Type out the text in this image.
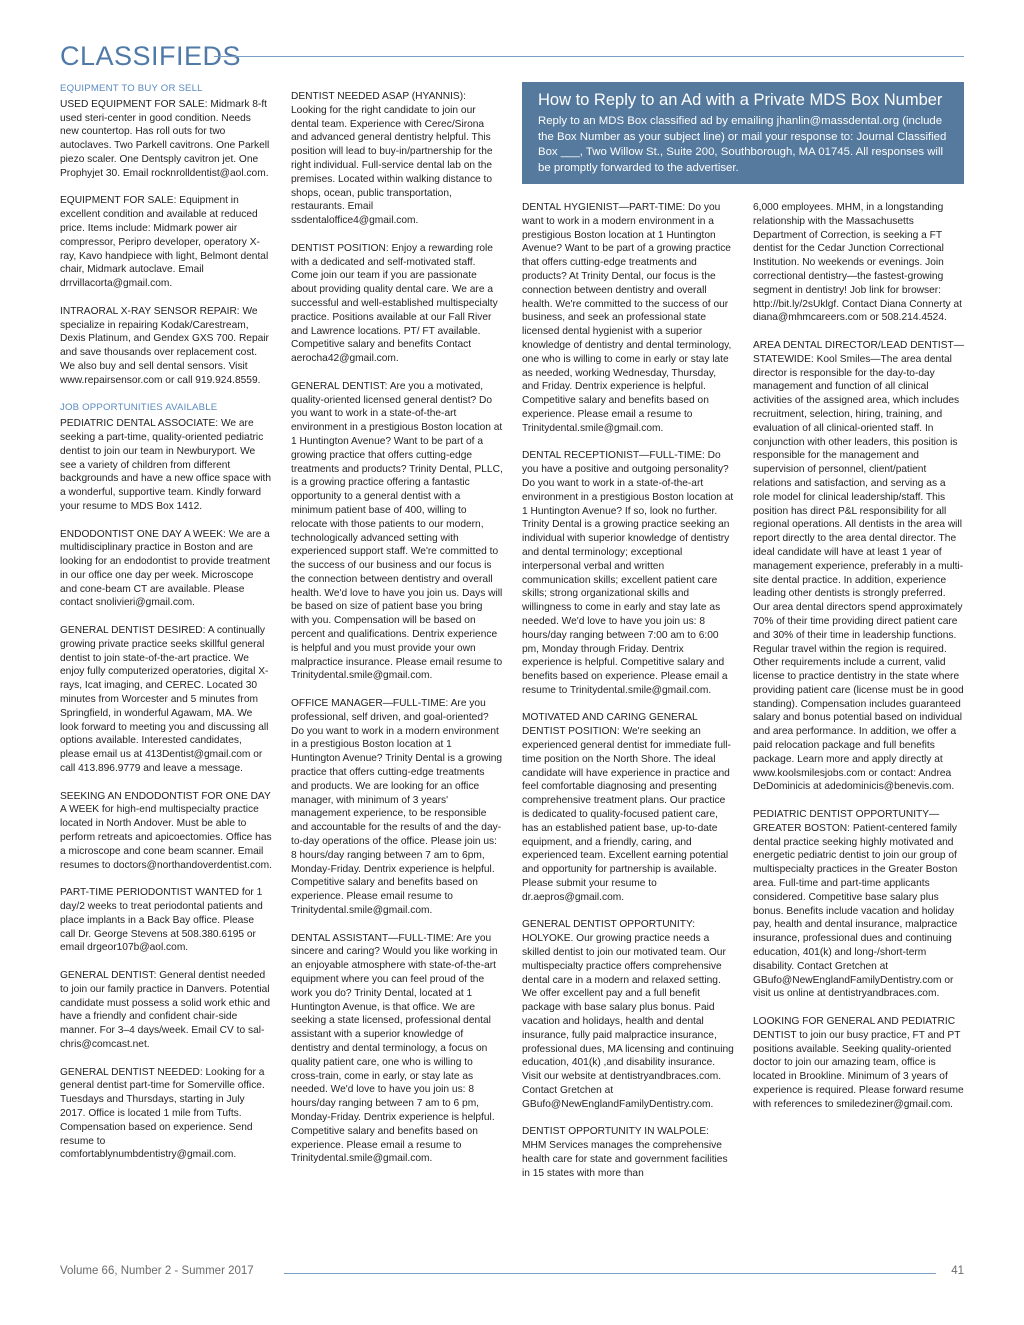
CLASSIFIEDS
EQUIPMENT TO BUY OR SELL

USED EQUIPMENT FOR SALE: Midmark 8-ft used steri-center in good condition. Needs new countertop. Has roll outs for two autoclaves. Two Parkell cavitrons. One Parkell piezo scaler. One Dentsply cavitron jet. One Prophyjet 30. Email rocknrolldentist@aol.com.

EQUIPMENT FOR SALE: Equipment in excellent condition and available at reduced price. Items include: Midmark power air compressor, Peripro developer, operatory X-ray, Kavo handpiece with light, Belmont dental chair, Midmark autoclave. Email drrvillacorta@gmail.com.

INTRAORAL X-RAY SENSOR REPAIR: We specialize in repairing Kodak/Carestream, Dexis Platinum, and Gendex GXS 700. Repair and save thousands over replacement cost. We also buy and sell dental sensors. Visit www.repairsensor.com or call 919.924.8559.

JOB OPPORTUNITIES AVAILABLE

PEDIATRIC DENTAL ASSOCIATE: We are seeking a part-time, quality-oriented pediatric dentist to join our team in Newburyport. We see a variety of children from different backgrounds and have a new office space with a wonderful, supportive team. Kindly forward your resume to MDS Box 1412.

ENDODONTIST ONE DAY A WEEK: We are a multidisciplinary practice in Boston and are looking for an endodontist to provide treatment in our office one day per week. Microscope and cone-beam CT are available. Please contact snolivieri@gmail.com.

GENERAL DENTIST DESIRED: A continually growing private practice seeks skillful general dentist to join state-of-the-art practice. We enjoy fully computerized operatories, digital X-rays, Icat imaging, and CEREC. Located 30 minutes from Worcester and 5 minutes from Springfield, in wonderful Agawam, MA. We look forward to meeting you and discussing all options available. Interested candidates, please email us at 413Dentist@gmail.com or call 413.896.9779 and leave a message.

SEEKING AN ENDODONTIST FOR ONE DAY A WEEK for high-end multispecialty practice located in North Andover. Must be able to perform retreats and apicoectomies. Office has a microscope and cone beam scanner. Email resumes to doctors@northandoverdentist.com.

PART-TIME PERIODONTIST WANTED for 1 day/2 weeks to treat periodontal patients and place implants in a Back Bay office. Please call Dr. George Stevens at 508.380.6195 or email drgeor107b@aol.com.

GENERAL DENTIST: General dentist needed to join our family practice in Danvers. Potential candidate must possess a solid work ethic and have a friendly and confident chair-side manner. For 3–4 days/week. Email CV to sal-chris@comcast.net.

GENERAL DENTIST NEEDED: Looking for a general dentist part-time for Somerville office. Tuesdays and Thursdays, starting in July 2017. Office is located 1 mile from Tufts. Compensation based on experience. Send resume to comfortablynumbdentistry@gmail.com.

DENTIST NEEDED ASAP (HYANNIS): Looking for the right candidate to join our dental team. Experience with Cerec/Sirona and advanced general dentistry helpful. This position will lead to buy-in/partnership for the right individual. Full-service dental lab on the premises. Located within walking distance to shops, ocean, public transportation, restaurants. Email ssdentaloffice4@gmail.com.

DENTIST POSITION: Enjoy a rewarding role with a dedicated and self-motivated staff. Come join our team if you are passionate about providing quality dental care. We are a successful and well-established multispecialty practice. Positions available at our Fall River and Lawrence locations. PT/ FT available. Competitive salary and benefits Contact aerocha42@gmail.com.

GENERAL DENTIST: Are you a motivated, quality-oriented licensed general dentist? Do you want to work in a state-of-the-art environment in a prestigious Boston location at 1 Huntington Avenue? Want to be part of a growing practice that offers cutting-edge treatments and products? Trinity Dental, PLLC, is a growing practice offering a fantastic opportunity to a general dentist with a minimum patient base of 400, willing to relocate with those patients to our modern, technologically advanced setting with experienced support staff. We're committed to the success of our business and our focus is the connection between dentistry and overall health. We'd love to have you join us. Days will be based on size of patient base you bring with you. Compensation will be based on percent and qualifications. Dentrix experience is helpful and you must provide your own malpractice insurance. Please email resume to Trinitydental.smile@gmail.com.

OFFICE MANAGER—FULL-TIME: Are you professional, self driven, and goal-oriented? Do you want to work in a modern environment in a prestigious Boston location at 1 Huntington Avenue? Trinity Dental is a growing practice that offers cutting-edge treatments and products. We are looking for an office manager, with minimum of 3 years' management experience, to be responsible and accountable for the results of and the day-to-day operations of the office. Please join us: 8 hours/day ranging between 7 am to 6pm, Monday-Friday. Dentrix experience is helpful. Competitive salary and benefits based on experience. Please email resume to Trinitydental.smile@gmail.com.

DENTAL ASSISTANT—FULL-TIME: Are you sincere and caring? Would you like working in an enjoyable atmosphere with state-of-the-art equipment where you can feel proud of the work you do? Trinity Dental, located at 1 Huntington Avenue, is that office. We are seeking a state licensed, professional dental assistant with a superior knowledge of dentistry and dental terminology, a focus on quality patient care, one who is willing to cross-train, come in early, or stay late as needed. We'd love to have you join us: 8 hours/day ranging between 7 am to 6 pm, Monday-Friday. Dentrix experience is helpful. Competitive salary and benefits based on experience. Please email a resume to Trinitydental.smile@gmail.com.

How to Reply to an Ad with a Private MDS Box Number
Reply to an MDS Box classified ad by emailing jhanlin@massdental.org (include the Box Number as your subject line) or mail your response to: Journal Classified Box ___, Two Willow St., Suite 200, Southborough, MA 01745. All responses will be promptly forwarded to the advertiser.

DENTAL HYGIENIST—PART-TIME: Do you want to work in a modern environment in a prestigious Boston location at 1 Huntington Avenue? Want to be part of a growing practice that offers cutting-edge treatments and products? At Trinity Dental, our focus is the connection between dentistry and overall health. We're committed to the success of our business, and seek an professional state licensed dental hygienist with a superior knowledge of dentistry and dental terminology, one who is willing to come in early or stay late as needed, working Wednesday, Thursday, and Friday. Dentrix experience is helpful. Competitive salary and benefits based on experience. Please email a resume to Trinitydental.smile@gmail.com.

DENTAL RECEPTIONIST—FULL-TIME: Do you have a positive and outgoing personality? Do you want to work in a state-of-the-art environment in a prestigious Boston location at 1 Huntington Avenue? If so, look no further. Trinity Dental is a growing practice seeking an individual with superior knowledge of dentistry and dental terminology; exceptional interpersonal verbal and written communication skills; excellent patient care skills; strong organizational skills and willingness to come in early and stay late as needed. We'd love to have you join us: 8 hours/day ranging between 7:00 am to 6:00 pm, Monday through Friday. Dentrix experience is helpful. Competitive salary and benefits based on experience. Please email a resume to Trinitydental.smile@gmail.com.

MOTIVATED AND CARING GENERAL DENTIST POSITION: We're seeking an experienced general dentist for immediate full-time position on the North Shore. The ideal candidate will have experience in practice and feel comfortable diagnosing and presenting comprehensive treatment plans. Our practice is dedicated to quality-focused patient care, has an established patient base, up-to-date equipment, and a friendly, caring, and experienced team. Excellent earning potential and opportunity for partnership is available. Please submit your resume to dr.aepros@gmail.com.

GENERAL DENTIST OPPORTUNITY: HOLYOKE. Our growing practice needs a skilled dentist to join our motivated team. Our multispecialty practice offers comprehensive dental care in a modern and relaxed setting. We offer excellent pay and a full benefit package with base salary plus bonus. Paid vacation and holidays, health and dental insurance, fully paid malpractice insurance, professional dues, MA licensing and continuing education, 401(k) ,and disability insurance. Visit our website at dentistryandbraces.com. Contact Gretchen at GBufo@NewEnglandFamilyDentistry.com.

DENTIST OPPORTUNITY IN WALPOLE: MHM Services manages the comprehensive health care for state and government facilities in 15 states with more than

6,000 employees. MHM, in a longstanding relationship with the Massachusetts Department of Correction, is seeking a FT dentist for the Cedar Junction Correctional Institution. No weekends or evenings. Join correctional dentistry—the fastest-growing segment in dentistry! Job link for browser: http://bit.ly/2sUklgf. Contact Diana Connerty at diana@mhmcareers.com or 508.214.4524.

AREA DENTAL DIRECTOR/LEAD DENTIST—STATEWIDE: Kool Smiles—The area dental director is responsible for the day-to-day management and function of all clinical activities of the assigned area, which includes recruitment, selection, hiring, training, and evaluation of all clinical-oriented staff. In conjunction with other leaders, this position is responsible for the management and supervision of personnel, client/patient relations and satisfaction, and serving as a role model for clinical leadership/staff. This position has direct P&L responsibility for all regional operations. All dentists in the area will report directly to the area dental director. The ideal candidate will have at least 1 year of management experience, preferably in a multi-site dental practice. In addition, experience leading other dentists is strongly preferred. Our area dental directors spend approximately 70% of their time providing direct patient care and 30% of their time in leadership functions. Regular travel within the region is required. Other requirements include a current, valid license to practice dentistry in the state where providing patient care (license must be in good standing). Compensation includes guaranteed salary and bonus potential based on individual and area performance. In addition, we offer a paid relocation package and full benefits package. Learn more and apply directly at www.koolsmilesjobs.com or contact: Andrea DeDominicis at adedominicis@benevis.com.

PEDIATRIC DENTIST OPPORTUNITY—GREATER BOSTON: Patient-centered family dental practice seeking highly motivated and energetic pediatric dentist to join our group of multispecialty practices in the Greater Boston area. Full-time and part-time applicants considered. Competitive base salary plus bonus. Benefits include vacation and holiday pay, health and dental insurance, malpractice insurance, professional dues and continuing education, 401(k) and long-/short-term disability. Contact Gretchen at GBufo@NewEnglandFamilyDentistry.com or visit us online at dentistryandbraces.com.

LOOKING FOR GENERAL AND PEDIATRIC DENTIST to join our busy practice, FT and PT positions available. Seeking quality-oriented doctor to join our amazing team, office is located in Brookline. Minimum of 3 years of experience is required. Please forward resume with references to smiledeziner@gmail.com.

Volume 66, Number 2 - Summer 2017	41
